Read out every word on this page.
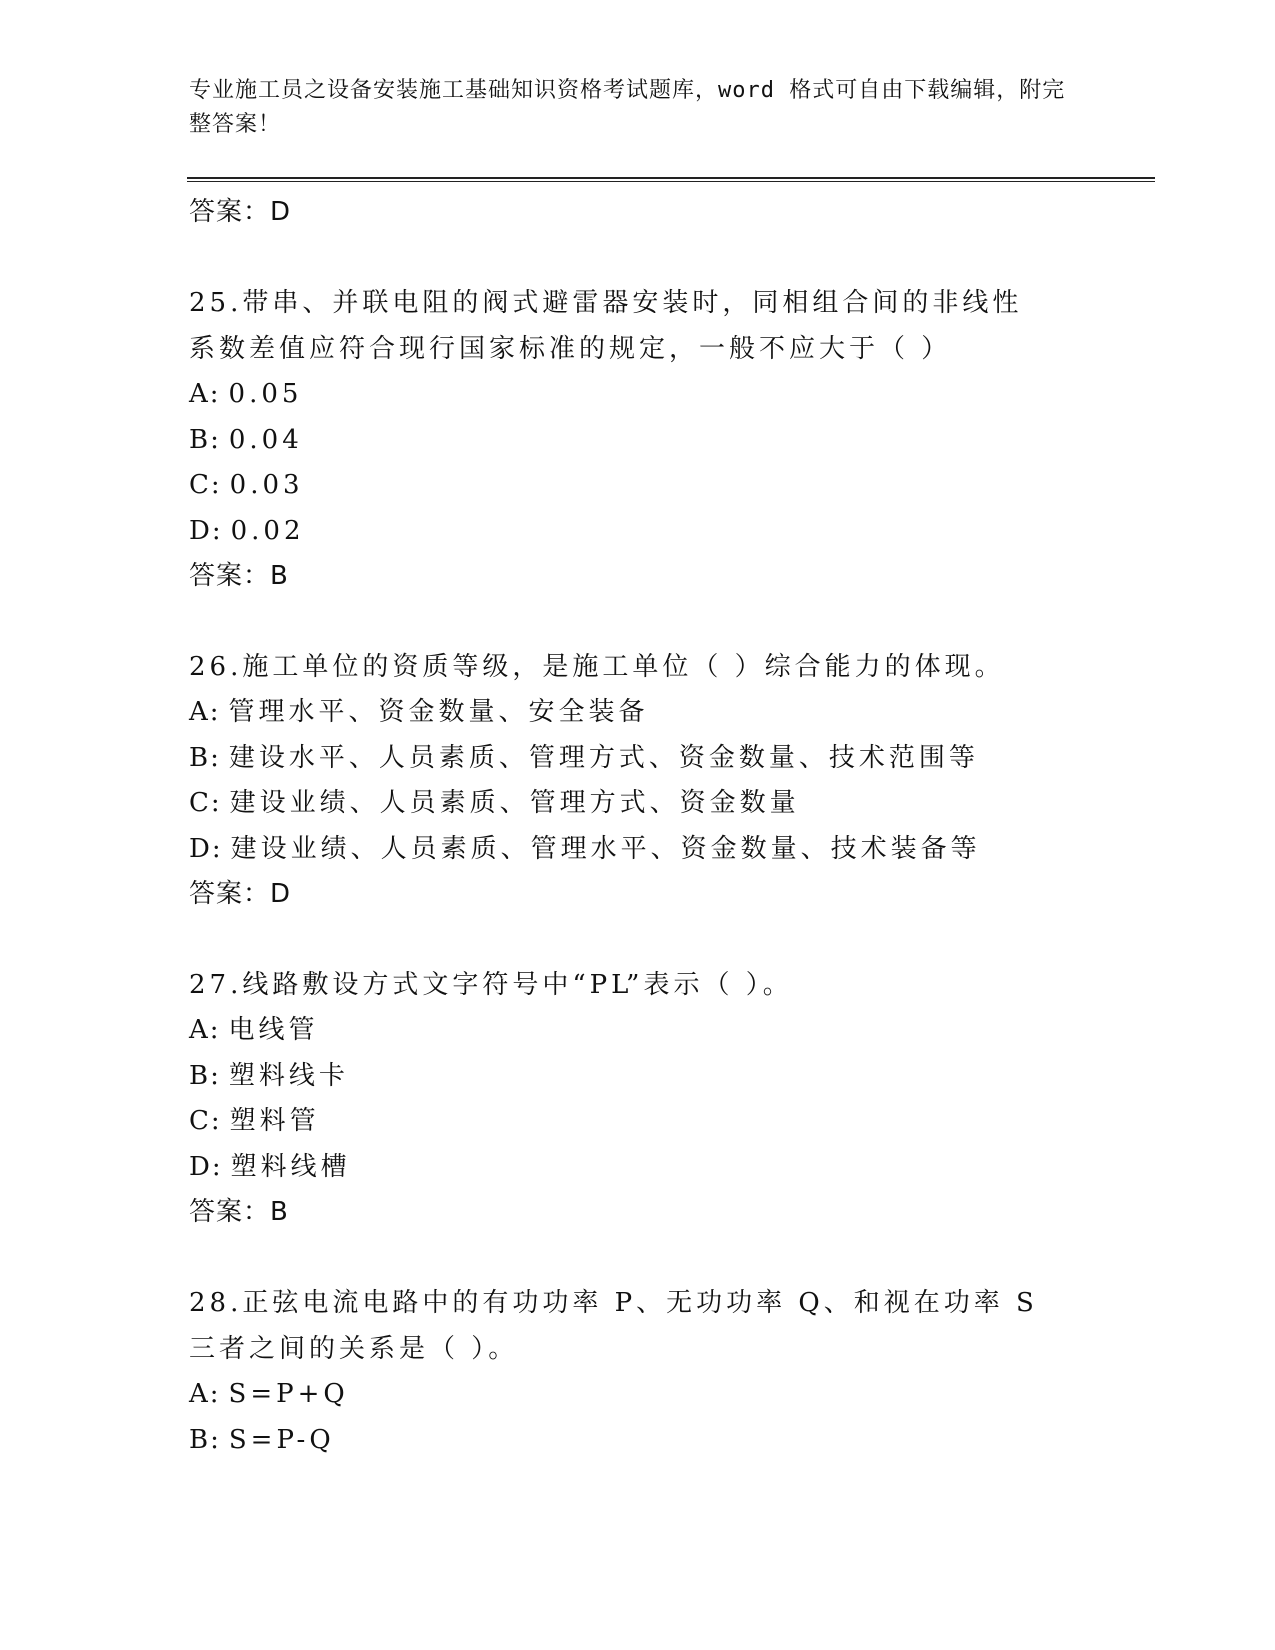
专业施工员之设备安装施工基础知识资格考试题库，word 格式可自由下载编辑，附完整答案！
答案：D
25.带串、并联电阻的阀式避雷器安装时，同相组合间的非线性系数差值应符合现行国家标准的规定，一般不应大于（ ）
A: 0.05
B: 0.04
C: 0.03
D: 0.02
答案：B
26.施工单位的资质等级，是施工单位（ ）综合能力的体现。
A: 管理水平、资金数量、安全装备
B: 建设水平、人员素质、管理方式、资金数量、技术范围等
C: 建设业绩、人员素质、管理方式、资金数量
D: 建设业绩、人员素质、管理水平、资金数量、技术装备等
答案：D
27.线路敷设方式文字符号中“PL”表示（ ）。
A: 电线管
B: 塑料线卡
C: 塑料管
D: 塑料线槽
答案：B
28.正弦电流电路中的有功功率 P、无功功率 Q、和视在功率 S 三者之间的关系是（ ）。
A: S=P+Q
B: S=P-Q
